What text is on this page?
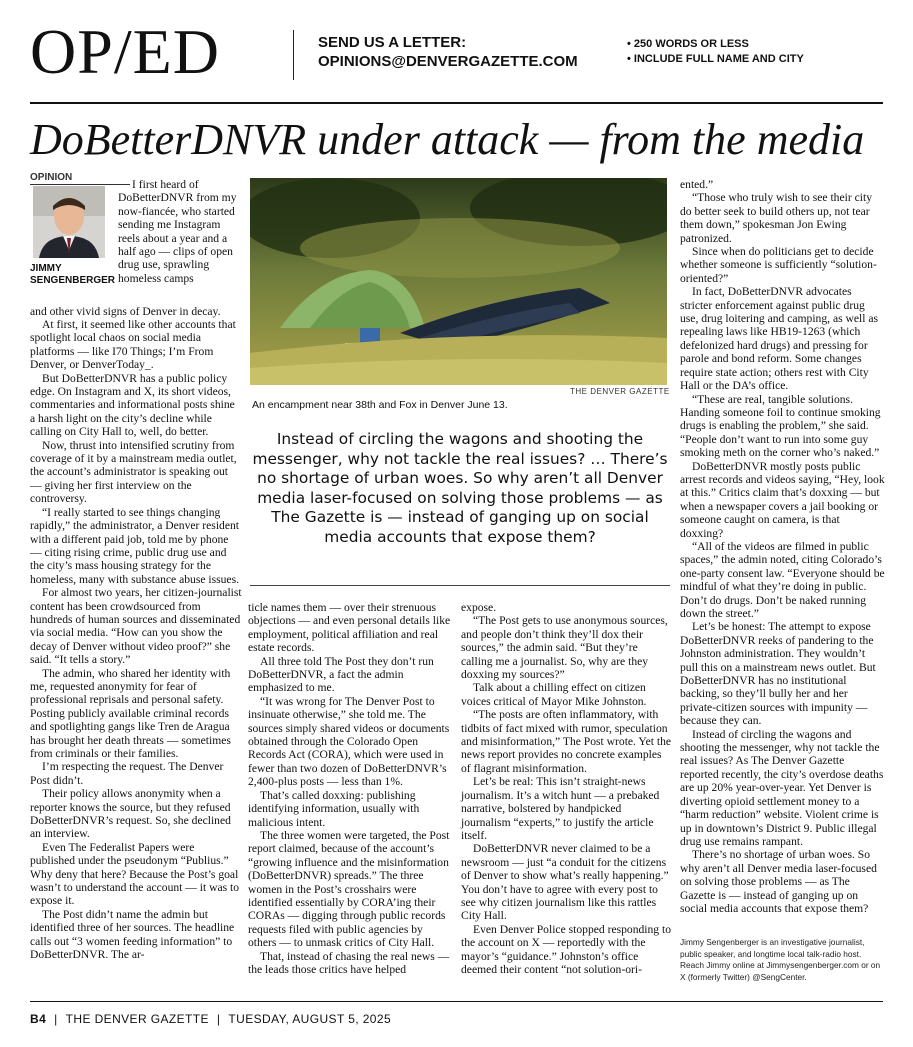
OP/ED	SEND US A LETTER:
OPINIONS@DENVERGAZETTE.COM
• 250 WORDS OR LESS
• INCLUDE FULL NAME AND CITY
DoBetterDNVR under attack — from the media
OPINION
JIMMY
SENGENBERGER

I first heard of DoBetterDNVR from my now-fiancée, who started sending me Instagram reels about a year and a half ago — clips of open drug use, sprawling homeless camps

and other vivid signs of Denver in decay.

At first, it seemed like other accounts that spotlight local chaos on social media platforms — like I70 Things; I’m From Denver, or DenverToday_.

But DoBetterDNVR has a public policy edge. On Instagram and X, its short videos, commentaries and informational posts shine a harsh light on the city’s decline while calling on City Hall to, well, do better.

Now, thrust into intensified scrutiny from coverage of it by a mainstream media outlet, the account’s administrator is speaking out — giving her first interview on the controversy.

“I really started to see things changing rapidly,” the administrator, a Denver resident with a different paid job, told me by phone — citing rising crime, public drug use and the city’s mass housing strategy for the homeless, many with substance abuse issues.

For almost two years, her citizen-journalist content has been crowdsourced from hundreds of human sources and disseminated via social media. “How can you show the decay of Denver without video proof?” she said. “It tells a story.”

The admin, who shared her identity with me, requested anonymity for fear of professional reprisals and personal safety. Posting publicly available criminal records and spotlighting gangs like Tren de Aragua has brought her death threats — sometimes from criminals or their families.

I’m respecting the request. The Denver Post didn’t.

Their policy allows anonymity when a reporter knows the source, but they refused DoBetterDNVR’s request. So, she declined an interview.

Even The Federalist Papers were published under the pseudonym “Publius.” Why deny that here? Because the Post’s goal wasn’t to understand the account — it was to expose it.

The Post didn’t name the admin but identified three of her sources. The headline calls out “3 women feeding information” to DoBetterDNVR. The ar-

THE DENVER GAZETTE
An encampment near 38th and Fox in Denver June 13.
Instead of circling the wagons and shooting the messenger, why not tackle the real issues? … There’s no shortage of urban woes. So why aren’t all Denver media laser-focused on solving those problems — as The Gazette is — instead of ganging up on social media accounts that expose them?

ticle names them — over their strenuous objections — and even personal details like employment, political affiliation and real estate records.

All three told The Post they don’t run DoBetterDNVR, a fact the admin emphasized to me.

“It was wrong for The Denver Post to insinuate otherwise,” she told me. The sources simply shared videos or documents obtained through the Colorado Open Records Act (CORA), which were used in fewer than two dozen of DoBetterDNVR’s 2,400-plus posts — less than 1%.

That’s called doxxing: publishing identifying information, usually with malicious intent.

The three women were targeted, the Post report claimed, because of the account’s “growing influence and the misinformation (DoBetterDNVR) spreads.” The three women in the Post’s crosshairs were identified essentially by CORA’ing their CORAs — digging through public records requests filed with public agencies by others — to unmask critics of City Hall.

That, instead of chasing the real news — the leads those critics have helped

expose.

“The Post gets to use anonymous sources, and people don’t think they’ll dox their sources,” the admin said. “But they’re calling me a journalist. So, why are they doxxing my sources?”

Talk about a chilling effect on citizen voices critical of Mayor Mike Johnston.

“The posts are often inflammatory, with tidbits of fact mixed with rumor, speculation and misinformation,” The Post wrote. Yet the news report provides no concrete examples of flagrant misinformation.

Let’s be real: This isn’t straight-news journalism. It’s a witch hunt — a prebaked narrative, bolstered by handpicked journalism “experts,” to justify the article itself.

DoBetterDNVR never claimed to be a newsroom — just “a conduit for the citizens of Denver to show what’s really happening.” You don’t have to agree with every post to see why citizen journalism like this rattles City Hall.

Even Denver Police stopped responding to the account on X — reportedly with the mayor’s “guidance.” Johnston’s office deemed their content “not solution-ori-

ented.”

“Those who truly wish to see their city do better seek to build others up, not tear them down,” spokesman Jon Ewing patronized.

Since when do politicians get to decide whether someone is sufficiently “solution-oriented?”

In fact, DoBetterDNVR advocates stricter enforcement against public drug use, drug loitering and camping, as well as repealing laws like HB19-1263 (which defelonized hard drugs) and pressing for parole and bond reform. Some changes require state action; others rest with City Hall or the DA’s office.

“These are real, tangible solutions. Handing someone foil to continue smoking drugs is enabling the problem,” she said. “People don’t want to run into some guy smoking meth on the corner who’s naked.”

DoBetterDNVR mostly posts public arrest records and videos saying, “Hey, look at this.” Critics claim that’s doxxing — but when a newspaper covers a jail booking or someone caught on camera, is that doxxing?

“All of the videos are filmed in public spaces,” the admin noted, citing Colorado’s one-party consent law. “Everyone should be mindful of what they’re doing in public. Don’t do drugs. Don’t be naked running down the street.”

Let’s be honest: The attempt to expose DoBetterDNVR reeks of pandering to the Johnston administration. They wouldn’t pull this on a mainstream news outlet. But DoBetterDNVR has no institutional backing, so they’ll bully her and her private-citizen sources with impunity — because they can.

Instead of circling the wagons and shooting the messenger, why not tackle the real issues? As The Denver Gazette reported recently, the city’s overdose deaths are up 20% year-over-year. Yet Denver is diverting opioid settlement money to a “harm reduction” website. Violent crime is up in downtown’s District 9. Public illegal drug use remains rampant.

There’s no shortage of urban woes. So why aren’t all Denver media laser-focused on solving those problems — as The Gazette is — instead of ganging up on social media accounts that expose them?

Jimmy Sengenberger is an investigative journalist, public speaker, and longtime local talk-radio host. Reach Jimmy online at Jimmysengenberger.com or on X (formerly Twitter) @SengCenter.
B4 | THE DENVER GAZETTE | TUESDAY, AUGUST 5, 2025
